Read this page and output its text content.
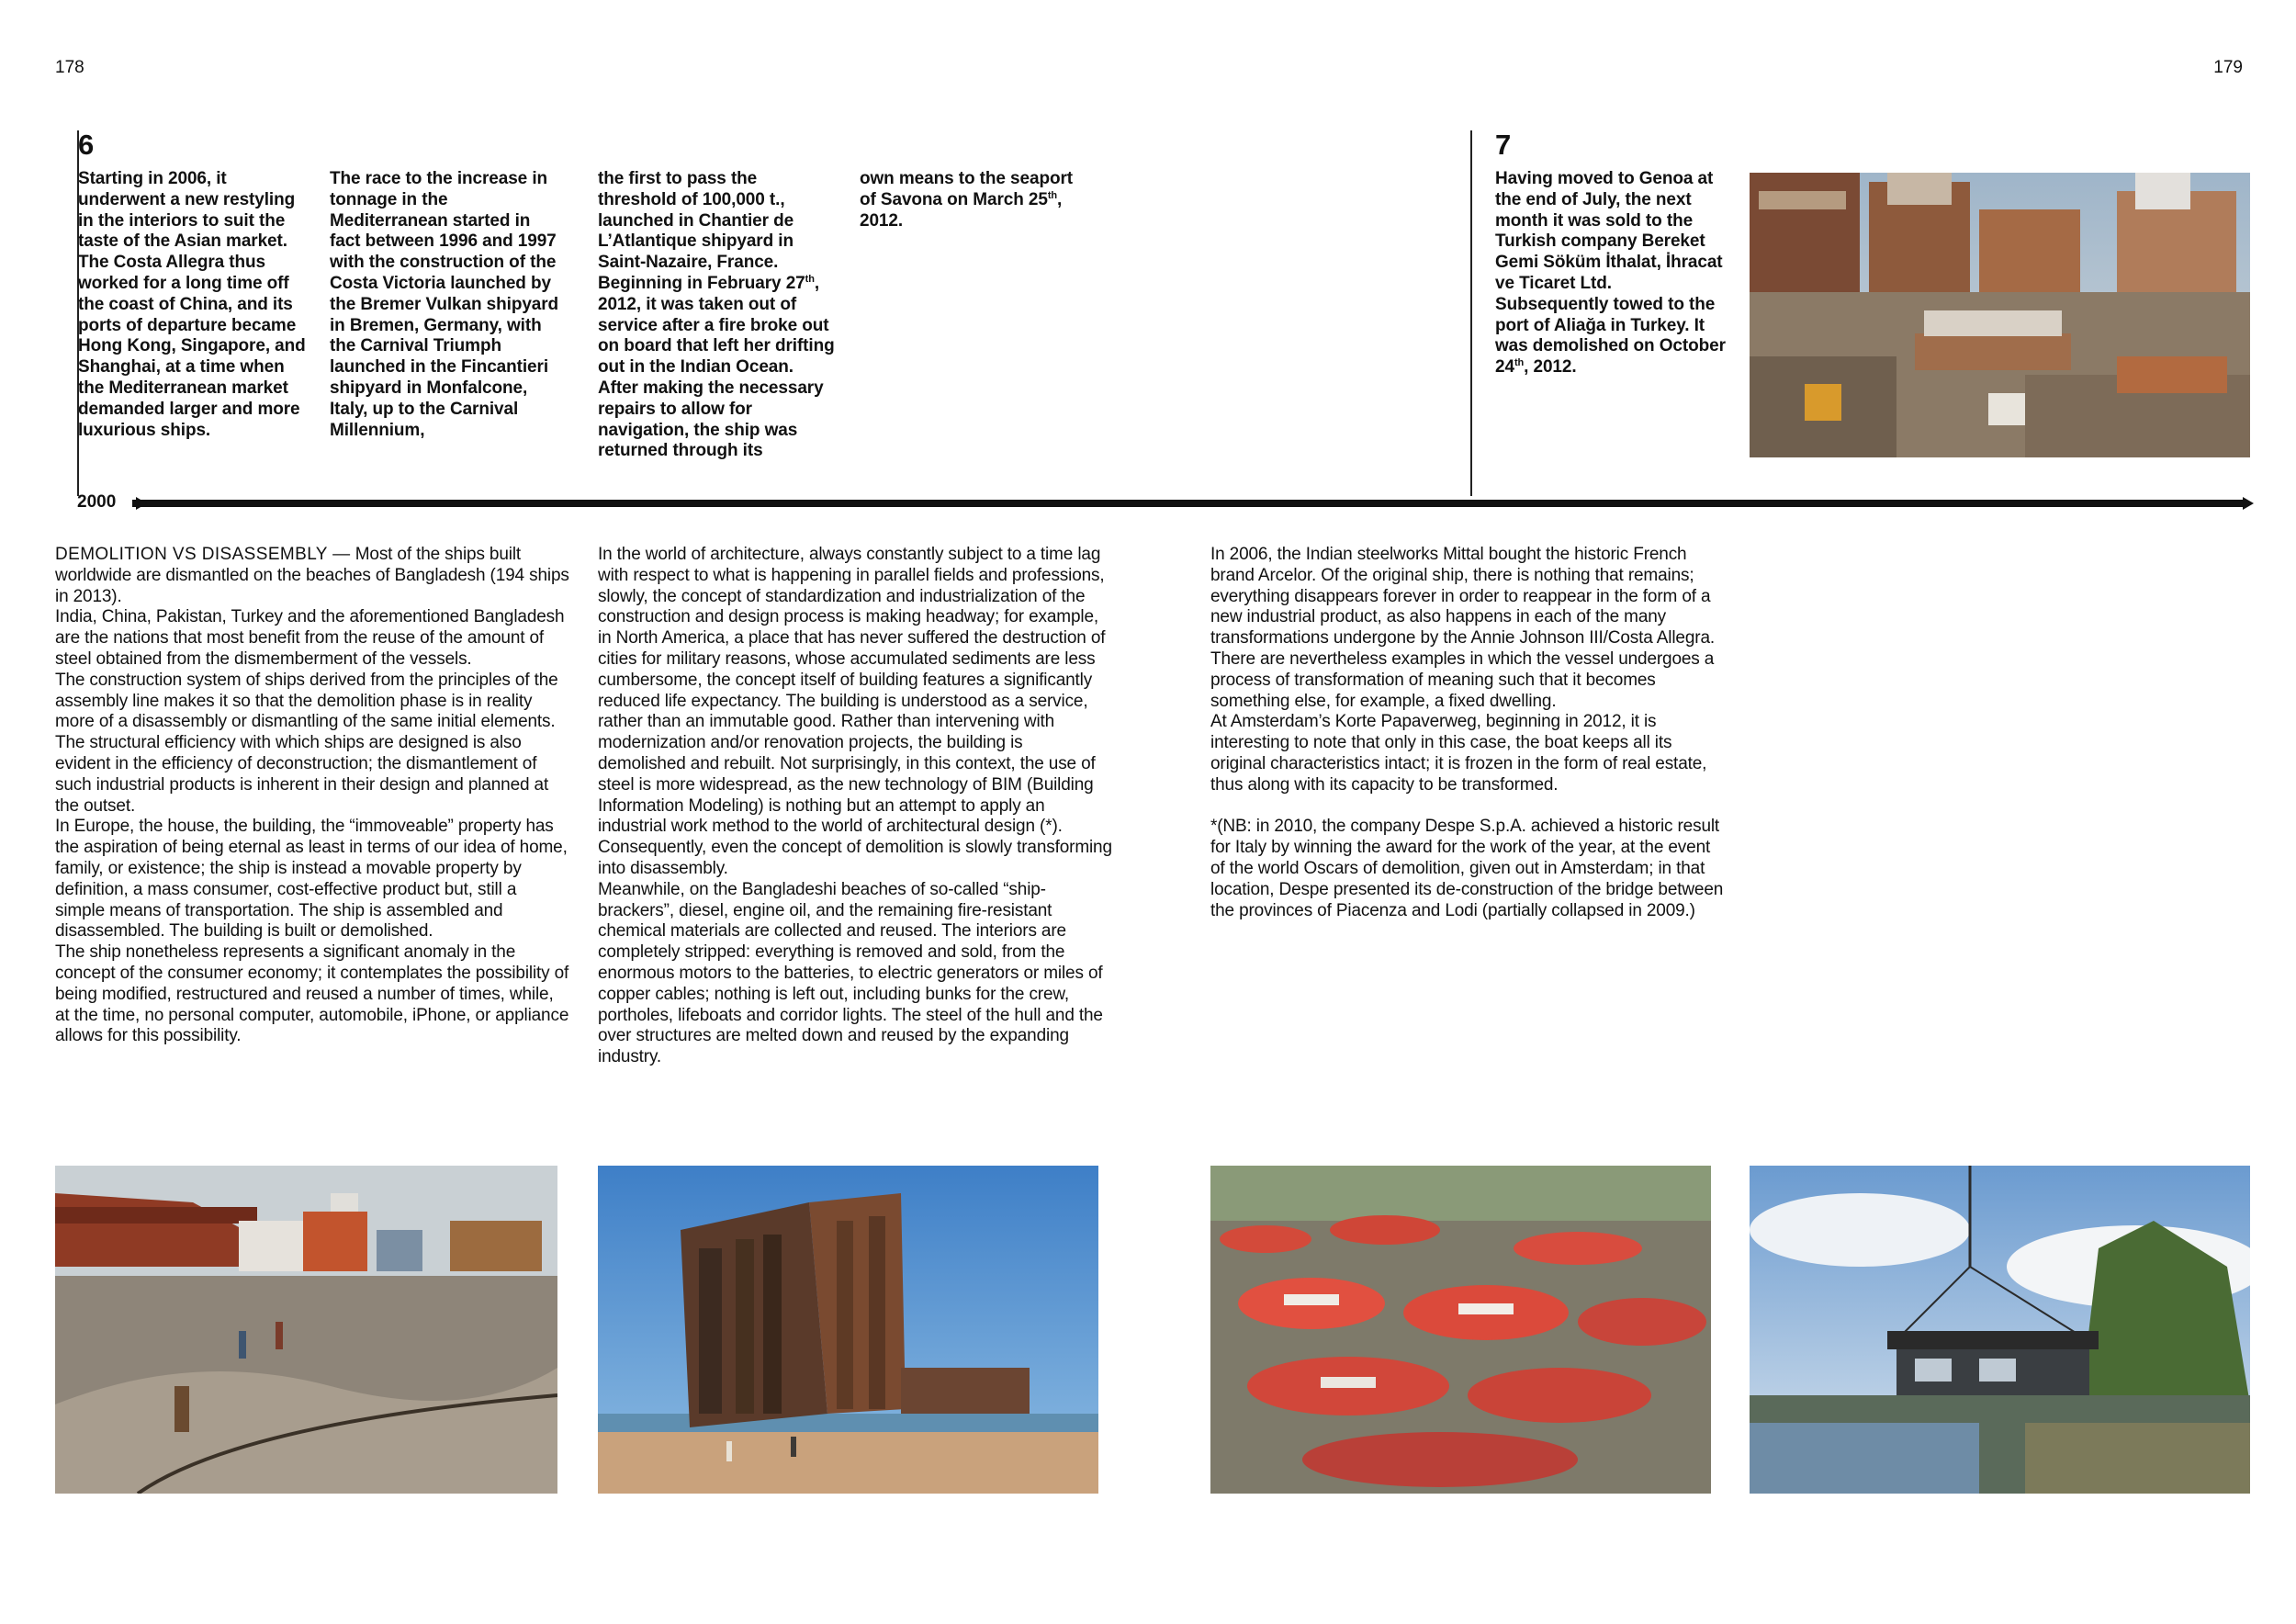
178	179
6
Starting in 2006, it underwent a new restyling in the interiors to suit the taste of the Asian market. The Costa Allegra thus worked for a long time off the coast of China, and its ports of departure became Hong Kong, Singapore, and Shanghai, at a time when the Mediterranean market demanded larger and more luxurious ships.
The race to the increase in tonnage in the Mediterranean started in fact between 1996 and 1997 with the construction of the Costa Victoria launched by the Bremer Vulkan shipyard in Bremen, Germany, with the Carnival Triumph launched in the Fincantieri shipyard in Monfalcone, Italy, up to the Carnival Millennium,
the first to pass the threshold of 100,000 t., launched in Chantier de L’Atlantique shipyard in Saint-Nazaire, France. Beginning in February 27th, 2012, it was taken out of service after a fire broke out on board that left her drifting out in the Indian Ocean. After making the necessary repairs to allow for navigation, the ship was returned through its
own means to the seaport of Savona on March 25th, 2012.
7
Having moved to Genoa at the end of July, the next month it was sold to the Turkish company Bereket Gemi Söküm İthalat, İhracat ve Ticaret Ltd. Subsequently towed to the port of Aliağa in Turkey. It was demolished on October 24th, 2012.
2000

DEMOLITION VS DISASSEMBLY — Most of the ships built worldwide are dismantled on the beaches of Bangladesh (194 ships in 2013).

India, China, Pakistan, Turkey and the aforementioned Bangladesh are the nations that most benefit from the reuse of the amount of steel obtained from the dismemberment of the vessels.

The construction system of ships derived from the principles of the assembly line makes it so that the demolition phase is in reality more of a disassembly or dismantling of the same initial elements.

The structural efficiency with which ships are designed is also evident in the efficiency of deconstruction; the dismantlement of such industrial products is inherent in their design and planned at the outset.

In Europe, the house, the building, the “immoveable” property has the aspiration of being eternal as least in terms of our idea of home, family, or existence; the ship is instead a movable property by definition, a mass consumer, cost-effective product but, still a simple means of transportation. The ship is assembled and disassembled. The building is built or demolished.

The ship nonetheless represents a significant anomaly in the concept of the consumer economy; it contemplates the possibility of being modified, restructured and reused a number of times, while, at the time, no personal computer, automobile, iPhone, or appliance allows for this possibility.

In the world of architecture, always constantly subject to a time lag with respect to what is happening in parallel fields and professions, slowly, the concept of standardization and industrialization of the construction and design process is making headway; for example, in North America, a place that has never suffered the destruction of cities for military reasons, whose accumulated sediments are less cumbersome, the concept itself of building features a significantly reduced life expectancy. The building is understood as a service, rather than an immutable good. Rather than intervening with modernization and/or renovation projects, the building is demolished and rebuilt. Not surprisingly, in this context, the use of steel is more widespread, as the new technology of BIM (Building Information Modeling) is nothing but an attempt to apply an industrial work method to the world of architectural design (*). Consequently, even the concept of demolition is slowly transforming into disassembly.

Meanwhile, on the Bangladeshi beaches of so-called “ship-brackers”, diesel, engine oil, and the remaining fire-resistant chemical materials are collected and reused. The interiors are completely stripped: everything is removed and sold, from the enormous motors to the batteries, to electric generators or miles of copper cables; nothing is left out, including bunks for the crew, portholes, lifeboats and corridor lights. The steel of the hull and the over structures are melted down and reused by the expanding industry.

In 2006, the Indian steelworks Mittal bought the historic French brand Arcelor. Of the original ship, there is nothing that remains; everything disappears forever in order to reappear in the form of a new industrial product, as also happens in each of the many transformations undergone by the Annie Johnson III/Costa Allegra.

There are nevertheless examples in which the vessel undergoes a process of transformation of meaning such that it becomes something else, for example, a fixed dwelling.

At Amsterdam’s Korte Papaverweg, beginning in 2012, it is interesting to note that only in this case, the boat keeps all its original characteristics intact; it is frozen in the form of real estate, thus along with its capacity to be transformed.

*(NB: in 2010, the company Despe S.p.A. achieved a historic result for Italy by winning the award for the work of the year, at the event of the world Oscars of demolition, given out in Amsterdam; in that location, Despe presented its de-construction of the bridge between the provinces of Piacenza and Lodi (partially collapsed in 2009.)
